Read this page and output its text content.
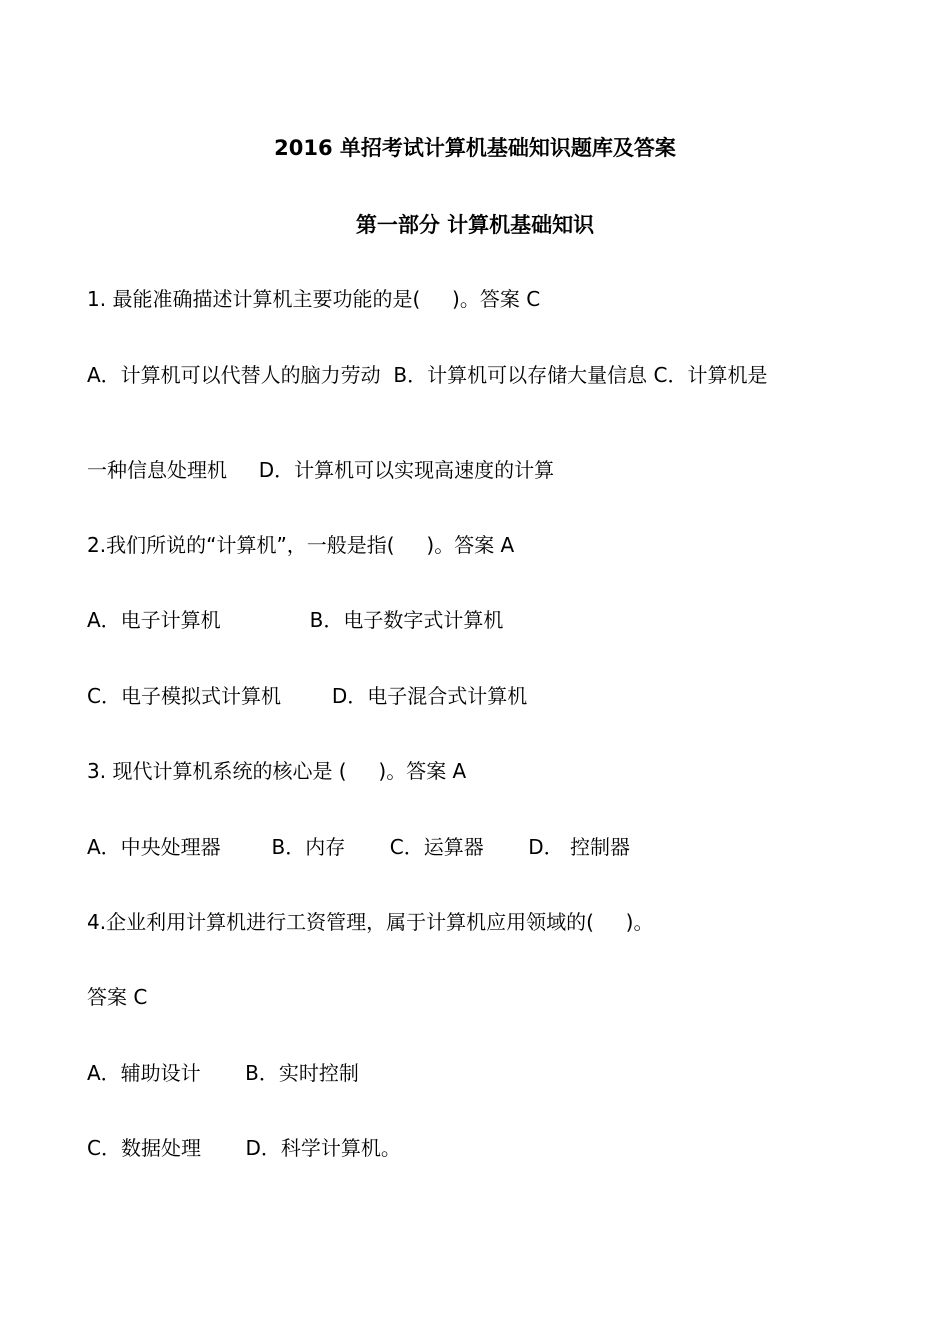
2016 单招考试计算机基础知识题库及答案
第一部分 计算机基础知识

1. 最能准确描述计算机主要功能的是(     )。答案 C

A．计算机可以代替人的脑力劳动  B．计算机可以存储大量信息 C．计算机是

一种信息处理机     D．计算机可以实现高速度的计算

2.我们所说的“计算机”，一般是指(     )。答案 A

A．电子计算机              B．电子数字式计算机

C．电子模拟式计算机        D．电子混合式计算机

3. 现代计算机系统的核心是 (     )。答案 A

A．中央处理器        B．内存       C．运算器       D． 控制器

4.企业利用计算机进行工资管理，属于计算机应用领域的(     )。

答案 C

A．辅助设计       B．实时控制

C．数据处理       D．科学计算机。
